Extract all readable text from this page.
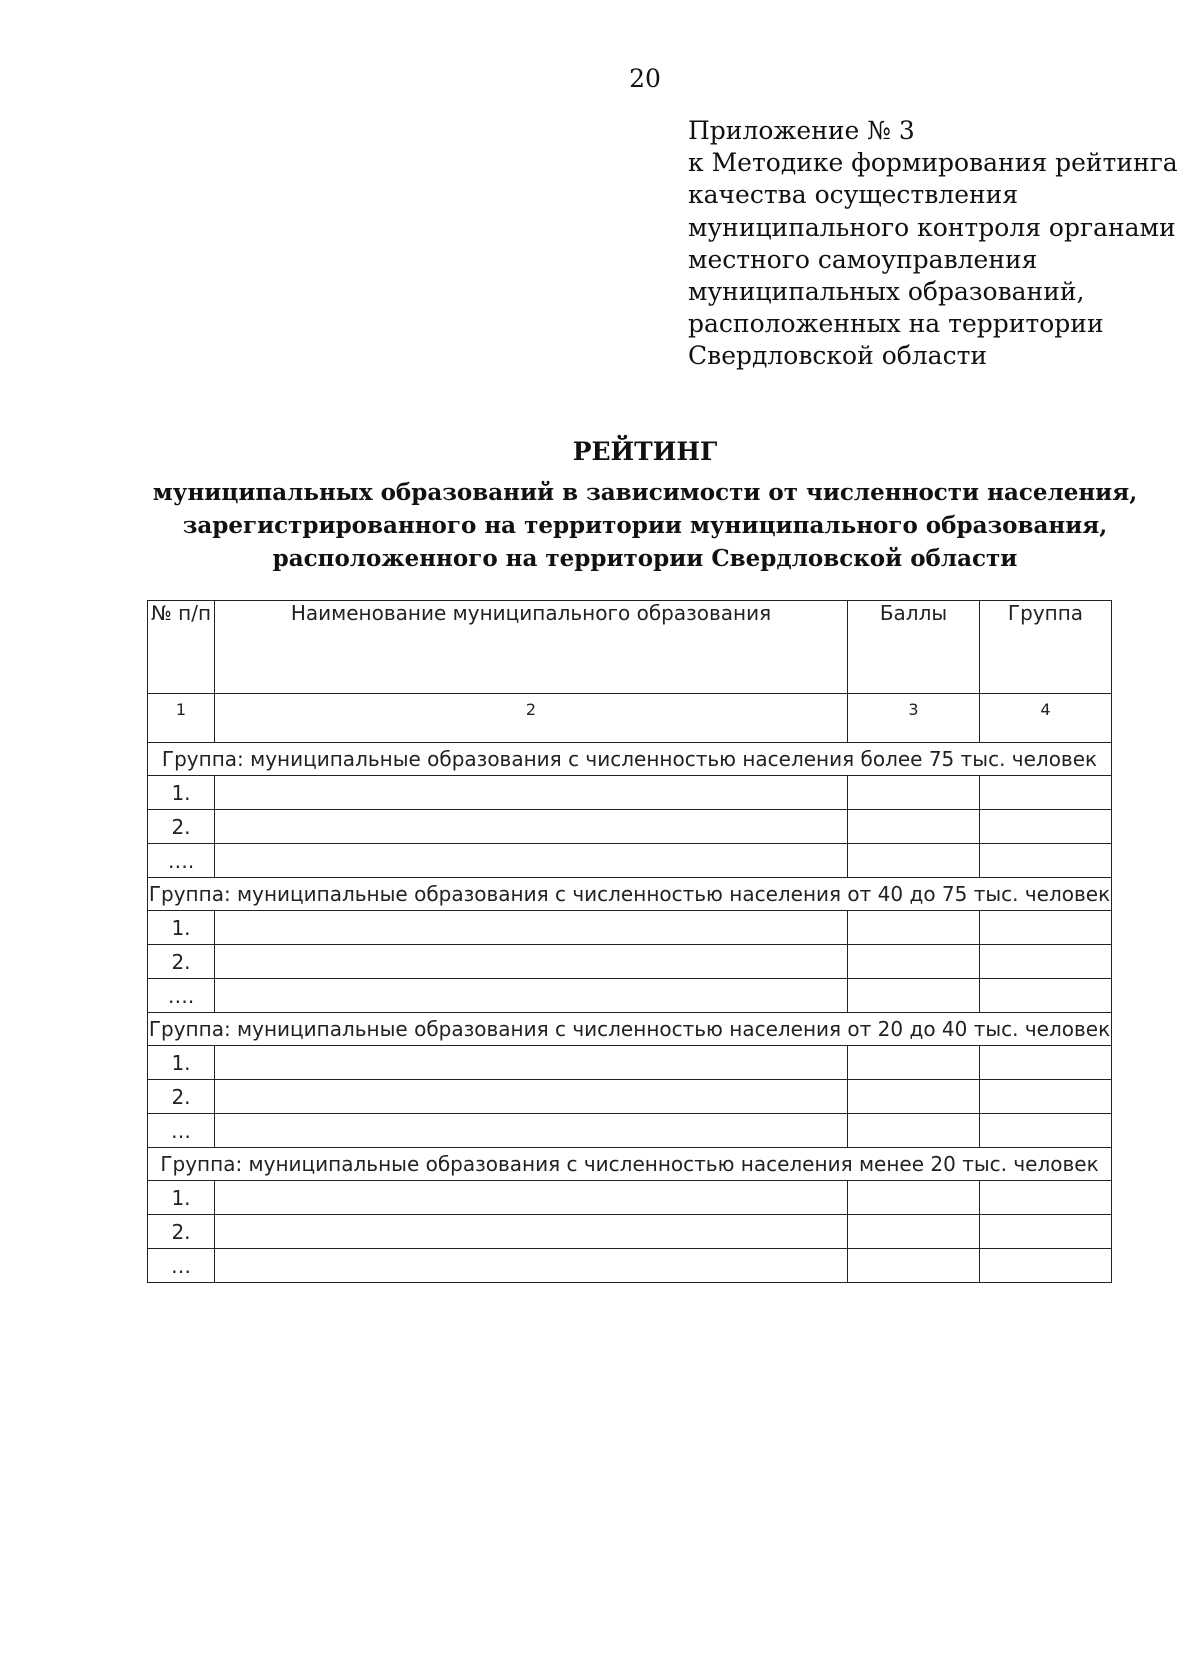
20
Приложение № 3
к Методике формирования рейтинга
качества осуществления
муниципального контроля органами
местного самоуправления
муниципальных образований,
расположенных на территории
Свердловской области
РЕЙТИНГ
муниципальных образований в зависимости от численности населения,
зарегистрированного на территории муниципального образования,
расположенного на территории Свердловской области
№ п/п	Наименование муниципального образования	Баллы	Группа
1	2	3	4
Группа: муниципальные образования с численностью населения более 75 тыс. человек			
1.			
2.			
….			
Группа: муниципальные образования с численностью населения от 40 до 75 тыс. человек			
1.			
2.			
….			
Группа: муниципальные образования с численностью населения от 20 до 40 тыс. человек			
1.			
2.			
…			
Группа: муниципальные образования с численностью населения менее 20 тыс. человек			
1.			
2.			
…			
